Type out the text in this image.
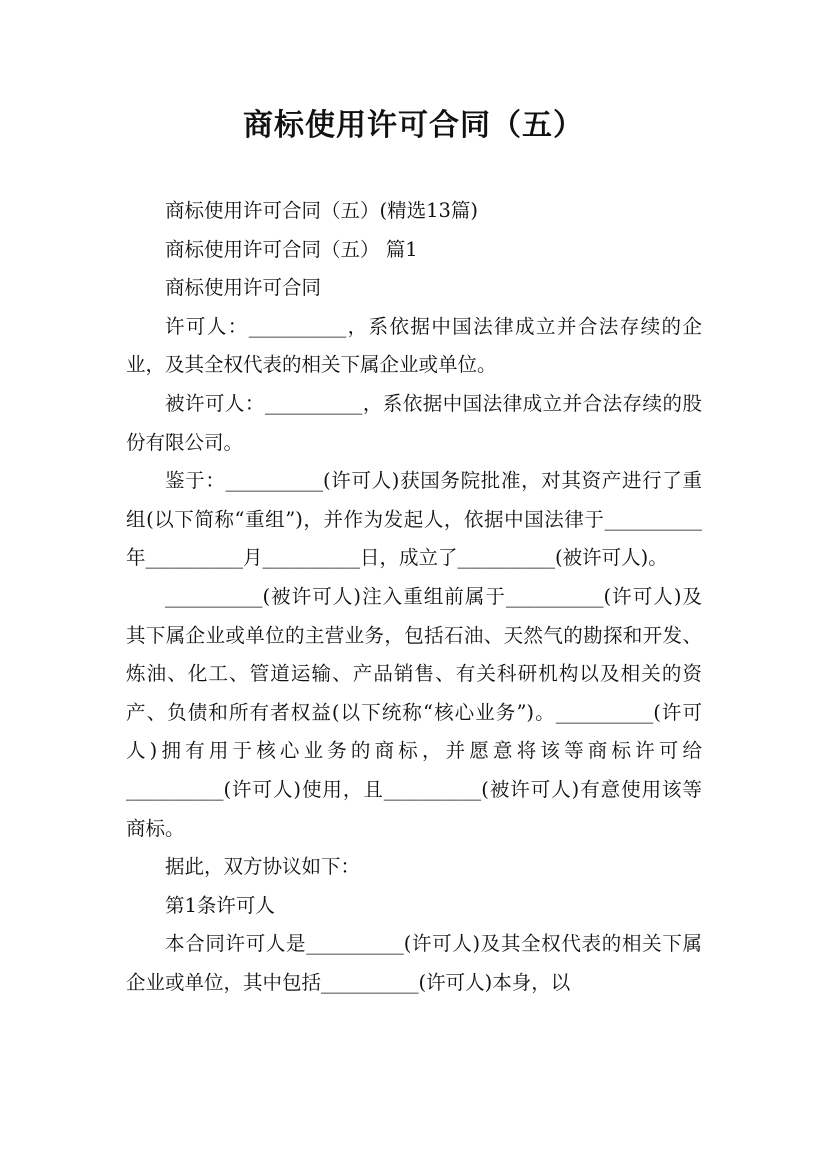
商标使用许可合同（五）

商标使用许可合同（五）(精选13篇)

商标使用许可合同（五） 篇1

商标使用许可合同

许可人：__________，系依据中国法律成立并合法存续的企业，及其全权代表的相关下属企业或单位。

被许可人：__________，系依据中国法律成立并合法存续的股份有限公司。

鉴于：__________(许可人)获国务院批准，对其资产进行了重组(以下简称“重组”)，并作为发起人，依据中国法律于__________年__________月__________日，成立了__________(被许可人)。

__________(被许可人)注入重组前属于__________(许可人)及其下属企业或单位的主营业务，包括石油、天然气的勘探和开发、炼油、化工、管道运输、产品销售、有关科研机构以及相关的资产、负债和所有者权益(以下统称“核心业务”)。__________(许可人)拥有用于核心业务的商标，并愿意将该等商标许可给__________(许可人)使用，且__________(被许可人)有意使用该等商标。

据此，双方协议如下：

第1条许可人

本合同许可人是__________(许可人)及其全权代表的相关下属企业或单位，其中包括__________(许可人)本身，以
